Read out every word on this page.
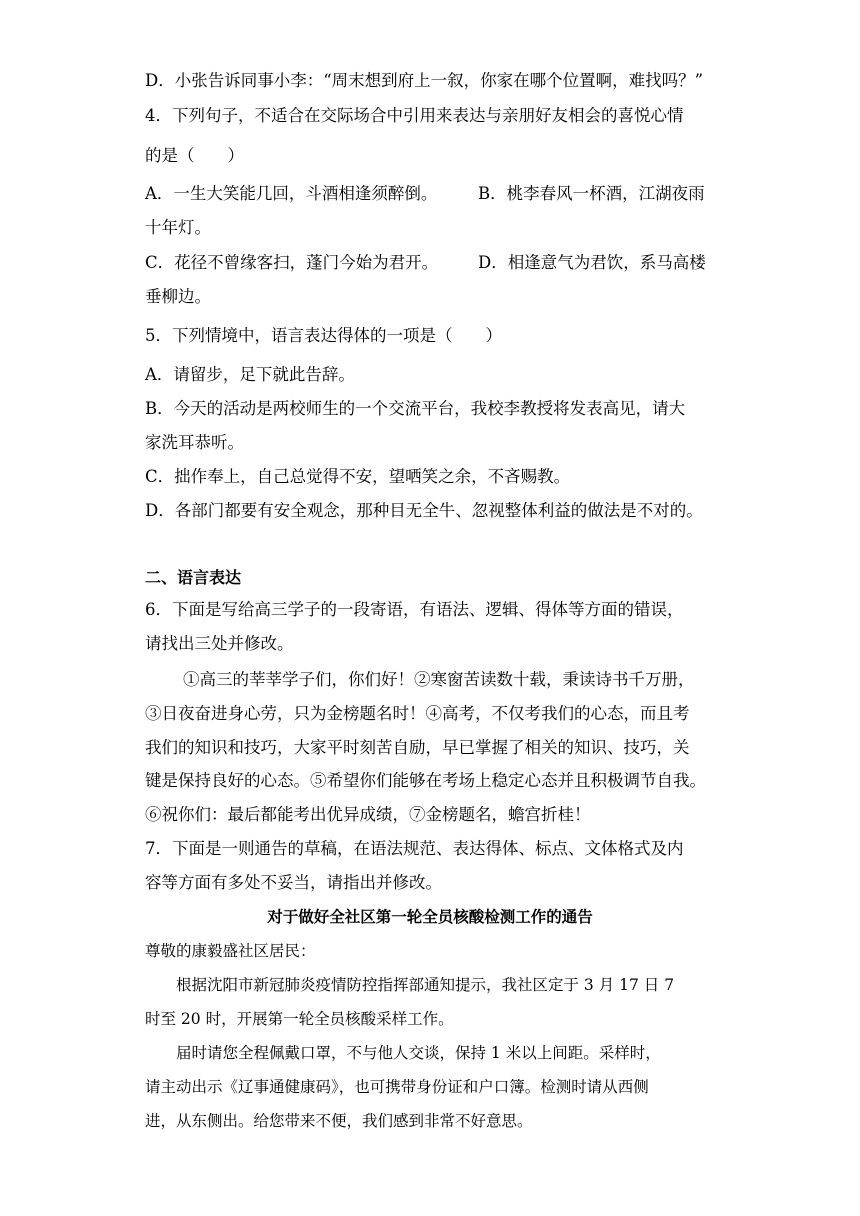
D．小张告诉同事小李：“周末想到府上一叙，你家在哪个位置啊，难找吗？”
4．下列句子，不适合在交际场合中引用来表达与亲朋好友相会的喜悦心情
的是（　　）
A．一生大笑能几回，斗酒相逢须醉倒。 B．桃李春风一杯酒，江湖夜雨
十年灯。
C．花径不曾缘客扫，蓬门今始为君开。 D．相逢意气为君饮，系马高楼
垂柳边。
5．下列情境中，语言表达得体的一项是（　　）
A．请留步，足下就此告辞。
B．今天的活动是两校师生的一个交流平台，我校李教授将发表高见，请大
家洗耳恭听。
C．拙作奉上，自己总觉得不安，望哂笑之余，不吝赐教。
D．各部门都要有安全观念，那种目无全牛、忽视整体利益的做法是不对的。
二、语言表达
6．下面是写给高三学子的一段寄语，有语法、逻辑、得体等方面的错误，
请找出三处并修改。
①高三的莘莘学子们，你们好！②寒窗苦读数十载，秉读诗书千万册，
③日夜奋进身心劳，只为金榜题名时！④高考，不仅考我们的心态，而且考
我们的知识和技巧，大家平时刻苦自励，早已掌握了相关的知识、技巧，关
键是保持良好的心态。⑤希望你们能够在考场上稳定心态并且积极调节自我。
⑥祝你们：最后都能考出优异成绩，⑦金榜题名，蟾宫折桂！
7．下面是一则通告的草稿，在语法规范、表达得体、标点、文体格式及内
容等方面有多处不妥当，请指出并修改。
对于做好全社区第一轮全员核酸检测工作的通告
尊敬的康毅盛社区居民：
根据沈阳市新冠肺炎疫情防控指挥部通知提示，我社区定于 3 月 17 日 7
时至 20 时，开展第一轮全员核酸采样工作。
届时请您全程佩戴口罩，不与他人交谈，保持 1 米以上间距。采样时，
请主动出示《辽事通健康码》，也可携带身份证和户口簿。检测时请从西侧
进，从东侧出。给您带来不便，我们感到非常不好意思。
